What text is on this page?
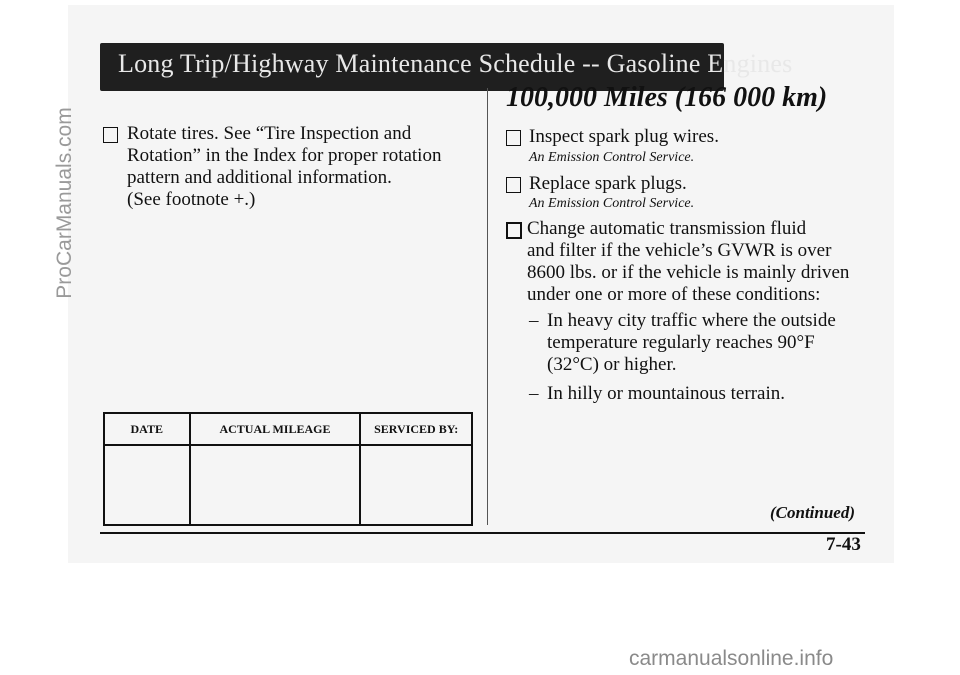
Long Trip/Highway Maintenance Schedule -- Gasoline Engines
ProCarManuals.com	Rotate tires. See “Tire Inspection and

Rotation” in the Index for proper rotation

pattern and additional information.

(See footnote +.)

DATE	ACTUAL MILEAGE	SERVICED BY:

100,000 Miles (166 000 km)

Inspect spark plug wires.

An Emission Control Service.

Replace spark plugs.

An Emission Control Service.

Change automatic transmission fluid

and filter if the vehicle’s GVWR is over

8600 lbs. or if the vehicle is mainly driven

under one or more of these conditions:

– In heavy city traffic where the outside

temperature regularly reaches 90°F

(32°C) or higher.

– In hilly or mountainous terrain.

(Continued)
7-43
carmanualsonline.info
